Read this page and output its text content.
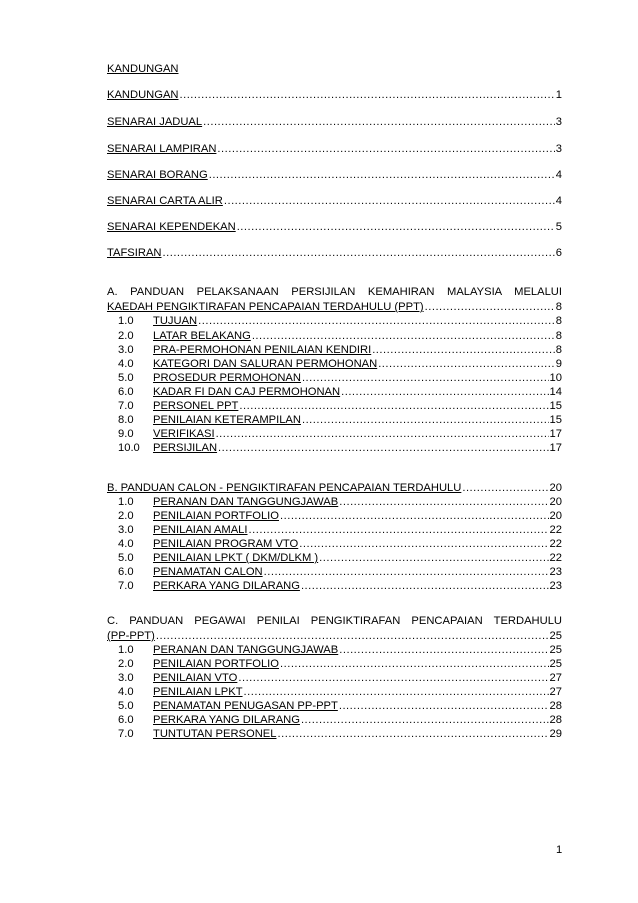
KANDUNGAN
KANDUNGAN .....	1
SENARAI JADUAL .....	3
SENARAI LAMPIRAN .....	3
SENARAI BORANG .....	4
SENARAI CARTA ALIR .....	4
SENARAI KEPENDEKAN .....	5
TAFSIRAN .....	6
A. PANDUAN PELAKSANAAN PERSIJILAN KEMAHIRAN MALAYSIA MELALUI
KAEDAH PENGIKTIRAFAN PENCAPAIAN TERDAHULU (PPT) .....	8
1.0	TUJUAN .....	8
2.0	LATAR BELAKANG .....	8
3.0	PRA-PERMOHONAN PENILAIAN KENDIRI .....	8
4.0	KATEGORI DAN SALURAN PERMOHONAN .....	9
5.0	PROSEDUR PERMOHONAN .....	10
6.0	KADAR FI DAN CAJ PERMOHONAN .....	14
7.0	PERSONEL PPT .....	15
8.0	PENILAIAN KETERAMPILAN .....	15
9.0	VERIFIKASI .....	17
10.0	PERSIJILAN .....	17
B. PANDUAN CALON - PENGIKTIRAFAN PENCAPAIAN TERDAHULU .....	20
1.0	PERANAN DAN TANGGUNGJAWAB .....	20
2.0	PENILAIAN PORTFOLIO .....	20
3.0	PENILAIAN AMALI .....	22
4.0	PENILAIAN PROGRAM VTO .....	22
5.0	PENILAIAN LPKT ( DKM/DLKM ) .....	22
6.0	PENAMATAN CALON .....	23
7.0	PERKARA YANG DILARANG .....	23
C. PANDUAN PEGAWAI PENILAI PENGIKTIRAFAN PENCAPAIAN TERDAHULU
(PP-PPT) .....	25
1.0	PERANAN DAN TANGGUNGJAWAB .....	25
2.0	PENILAIAN PORTFOLIO .....	25
3.0	PENILAIAN VTO .....	27
4.0	PENILAIAN LPKT .....	27
5.0	PENAMATAN PENUGASAN PP-PPT .....	28
6.0	PERKARA YANG DILARANG .....	28
7.0	TUNTUTAN PERSONEL .....	29
1
